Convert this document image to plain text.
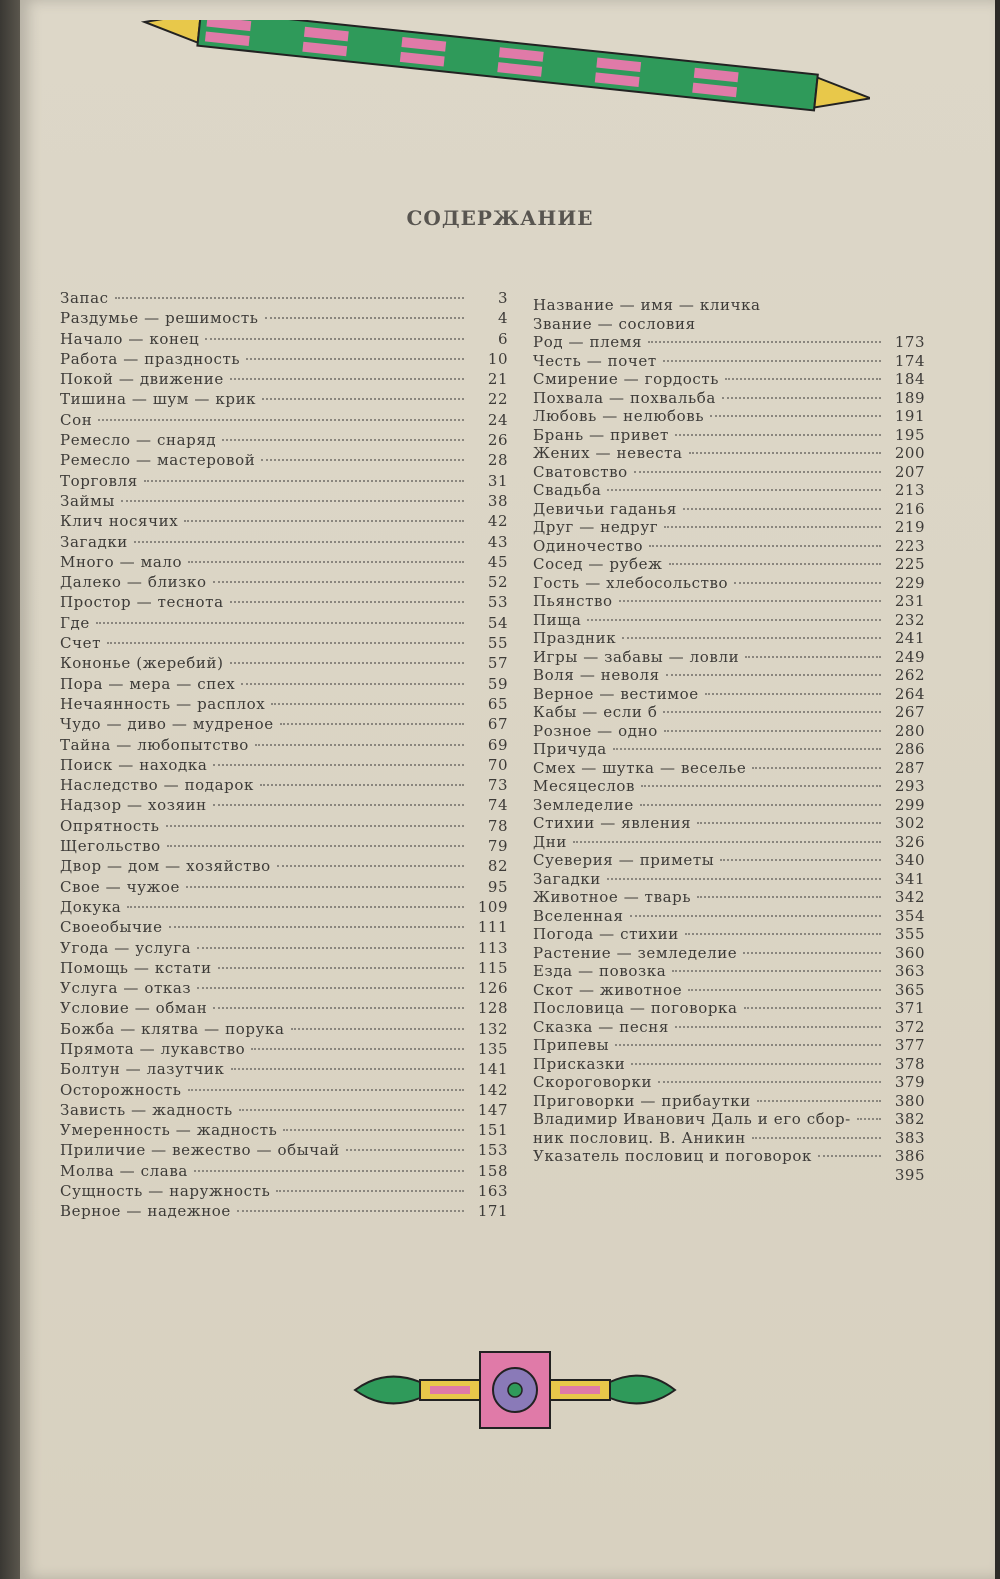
СОДЕРЖАНИЕ
Запас	3
Раздумье — решимость	4
Начало — конец	6
Работа — праздность	10
Покой — движение	21
Тишина — шум — крик	22
Сон	24
Ремесло — снаряд	26
Ремесло — мастеровой	28
Торговля	31
Займы	38
Клич носячих	42
Загадки	43
Много — мало	45
Далеко — близко	52
Простор — теснота	53
Где	54
Счет	55
Кононье (жеребий)	57
Пора — мера — спех	59
Нечаянность — расплох	65
Чудо — диво — мудреное	67
Тайна — любопытство	69
Поиск — находка	70
Наследство — подарок	73
Надзор — хозяин	74
Опрятность	78
Щегольство	79
Двор — дом — хозяйство	82
Свое — чужое	95
Докука	109
Своеобычие	111
Угода — услуга	113
Помощь — кстати	115
Услуга — отказ	126
Условие — обман	128
Божба — клятва — порука	132
Прямота — лукавство	135
Болтун — лазутчик	141
Осторожность	142
Зависть — жадность	147
Умеренность — жадность	151
Приличие — вежество — обычай	153
Молва — слава	158
Сущность — наружность	163
Верное — надежное	171
Название — имя — кличка
Звание — сословия
Род — племя	173
Честь — почет	174
Смирение — гордость	184
Похвала — похвальба	189
Любовь — нелюбовь	191
Брань — привет	195
Жених — невеста	200
Сватовство	207
Свадьба	213
Девичьи гаданья	216
Друг — недруг	219
Одиночество	223
Сосед — рубеж	225
Гость — хлебосольство	229
Пьянство	231
Пища	232
Праздник	241
Игры — забавы — ловли	249
Воля — неволя	262
Верное — вестимое	264
Кабы — если б	267
Розное — одно	280
Причуда	286
Смех — шутка — веселье	287
Месяцеслов	293
Земледелие	299
Стихии — явления	302
Дни	326
Суеверия — приметы	340
Загадки	341
Животное — тварь	342
Вселенная	354
Погода — стихии	355
Растение — земледелие	360
Езда — повозка	363
Скот — животное	365
Пословица — поговорка	371
Сказка — песня	372
Припевы	377
Присказки	378
Скороговорки	379
Приговорки — прибаутки	380
Владимир Иванович Даль и его сбор-	382
ник пословиц. В. Аникин	383
Указатель пословиц и поговорок	386
395
